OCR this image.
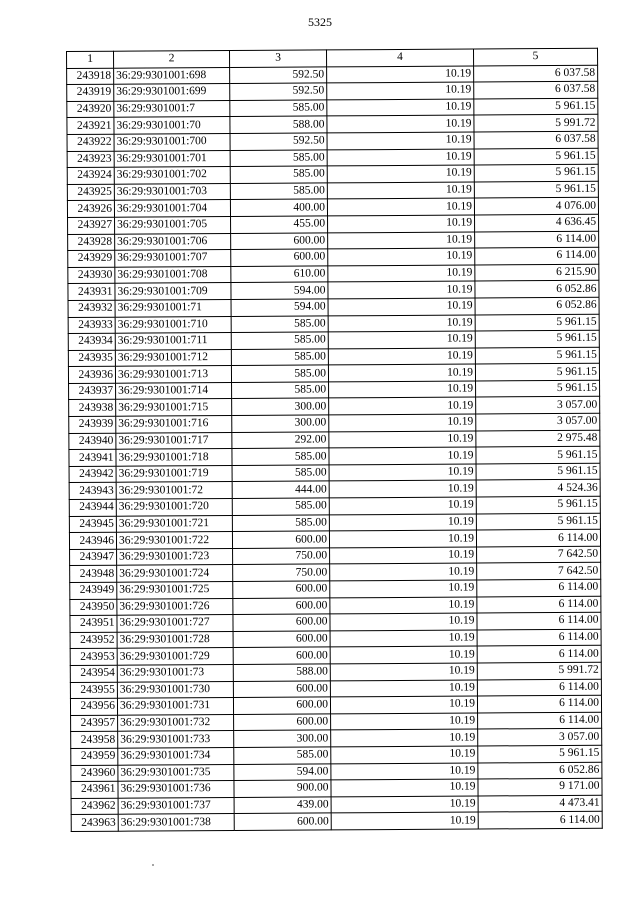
5325
1	2	3	4	5
243918	36:29:9301001:698	592.50	10.19	6 037.58
243919	36:29:9301001:699	592.50	10.19	6 037.58
243920	36:29:9301001:7	585.00	10.19	5 961.15
243921	36:29:9301001:70	588.00	10.19	5 991.72
243922	36:29:9301001:700	592.50	10.19	6 037.58
243923	36:29:9301001:701	585.00	10.19	5 961.15
243924	36:29:9301001:702	585.00	10.19	5 961.15
243925	36:29:9301001:703	585.00	10.19	5 961.15
243926	36:29:9301001:704	400.00	10.19	4 076.00
243927	36:29:9301001:705	455.00	10.19	4 636.45
243928	36:29:9301001:706	600.00	10.19	6 114.00
243929	36:29:9301001:707	600.00	10.19	6 114.00
243930	36:29:9301001:708	610.00	10.19	6 215.90
243931	36:29:9301001:709	594.00	10.19	6 052.86
243932	36:29:9301001:71	594.00	10.19	6 052.86
243933	36:29:9301001:710	585.00	10.19	5 961.15
243934	36:29:9301001:711	585.00	10.19	5 961.15
243935	36:29:9301001:712	585.00	10.19	5 961.15
243936	36:29:9301001:713	585.00	10.19	5 961.15
243937	36:29:9301001:714	585.00	10.19	5 961.15
243938	36:29:9301001:715	300.00	10.19	3 057.00
243939	36:29:9301001:716	300.00	10.19	3 057.00
243940	36:29:9301001:717	292.00	10.19	2 975.48
243941	36:29:9301001:718	585.00	10.19	5 961.15
243942	36:29:9301001:719	585.00	10.19	5 961.15
243943	36:29:9301001:72	444.00	10.19	4 524.36
243944	36:29:9301001:720	585.00	10.19	5 961.15
243945	36:29:9301001:721	585.00	10.19	5 961.15
243946	36:29:9301001:722	600.00	10.19	6 114.00
243947	36:29:9301001:723	750.00	10.19	7 642.50
243948	36:29:9301001:724	750.00	10.19	7 642.50
243949	36:29:9301001:725	600.00	10.19	6 114.00
243950	36:29:9301001:726	600.00	10.19	6 114.00
243951	36:29:9301001:727	600.00	10.19	6 114.00
243952	36:29:9301001:728	600.00	10.19	6 114.00
243953	36:29:9301001:729	600.00	10.19	6 114.00
243954	36:29:9301001:73	588.00	10.19	5 991.72
243955	36:29:9301001:730	600.00	10.19	6 114.00
243956	36:29:9301001:731	600.00	10.19	6 114.00
243957	36:29:9301001:732	600.00	10.19	6 114.00
243958	36:29:9301001:733	300.00	10.19	3 057.00
243959	36:29:9301001:734	585.00	10.19	5 961.15
243960	36:29:9301001:735	594.00	10.19	6 052.86
243961	36:29:9301001:736	900.00	10.19	9 171.00
243962	36:29:9301001:737	439.00	10.19	4 473.41
243963	36:29:9301001:738	600.00	10.19	6 114.00
